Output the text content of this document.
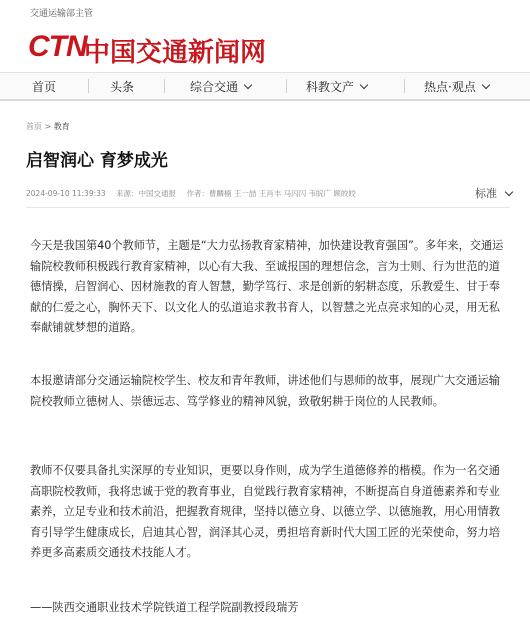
交通运输部主管
CTN
中国交通新闻网
首页	头条	综合交通	科教文产	热点·观点
首页 > 教育
启智润心 育梦成光
2024-09-10 11:39:33 来源：中国交通报 作者：曹麟楠 王一喆 王肖丰 马闪闪 韦皖广 顾皎皎	标准

今天是我国第40个教师节，主题是“大力弘扬教育家精神，加快建设教育强国”。多年来，交通运输院校教师积极践行教育家精神，以心有大我、至诚报国的理想信念，言为士则、行为世范的道德情操，启智润心、因材施教的育人智慧，勤学笃行、求是创新的躬耕态度，乐教爱生、甘于奉献的仁爱之心，胸怀天下、以文化人的弘道追求教书育人，以智慧之光点亮求知的心灵，用无私奉献铺就梦想的道路。

本报邀请部分交通运输院校学生、校友和青年教师，讲述他们与恩师的故事，展现广大交通运输院校教师立德树人、崇德远志、笃学修业的精神风貌，致敬躬耕于岗位的人民教师。

教师不仅要具备扎实深厚的专业知识，更要以身作则，成为学生道德修养的楷模。作为一名交通高职院校教师，我将忠诚于党的教育事业，自觉践行教育家精神，不断提高自身道德素养和专业素养，立足专业和技术前沿，把握教育规律，坚持以德立身、以德立学、以德施教，用心用情教育引导学生健康成长，启迪其心智，润泽其心灵，勇担培育新时代大国工匠的光荣使命，努力培养更多高素质交通技术技能人才。

——陕西交通职业技术学院铁道工程学院副教授段瑞芳
